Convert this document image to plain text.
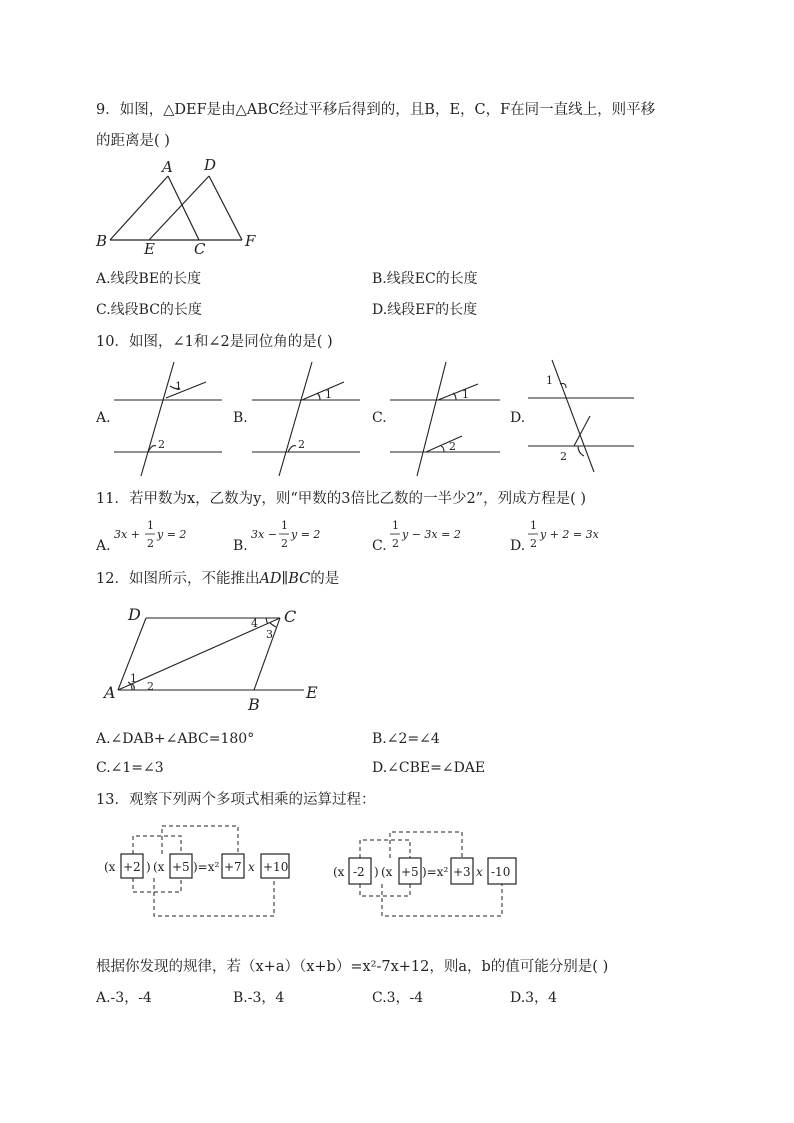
9．如图，△DEF是由△ABC经过平移后得到的，且B，E，C，F在同一直线上，则平移
的距离是( )
A D
B E	C	F
A.线段BE的长度	B.线段EC的长度
C.线段BC的长度	D.线段EF的长度
10．如图，∠1和∠2是同位角的是( )
A.	B.	C.	D.
1
2
1
2
1
2
1
2
11．若甲数为x，乙数为y，则“甲数的3倍比乙数的一半少2”，列成方程是( )
A.	B.	C.	D.
3x +
1
2
y = 2	3x −
1
2
y = 2
1
2
y − 3x = 2
1
2
y + 2 = 3x
12．如图所示，不能推出AD∥BC的是
D	C
A
B
E
1
2
3
4
A.∠DAB+∠ABC=180°	B.∠2=∠4
C.∠1=∠3	D.∠CBE=∠DAE
13．观察下列两个多项式相乘的运算过程：
(x +2 ) (x +5 )=x² +7 x +10	(x -2 ) (x +5 )=x² +3 x -10
根据你发现的规律，若（x+a）（x+b）=x²-7x+12，则a，b的值可能分别是( )
A.-3，-4	B.-3，4	C.3，-4	D.3，4
